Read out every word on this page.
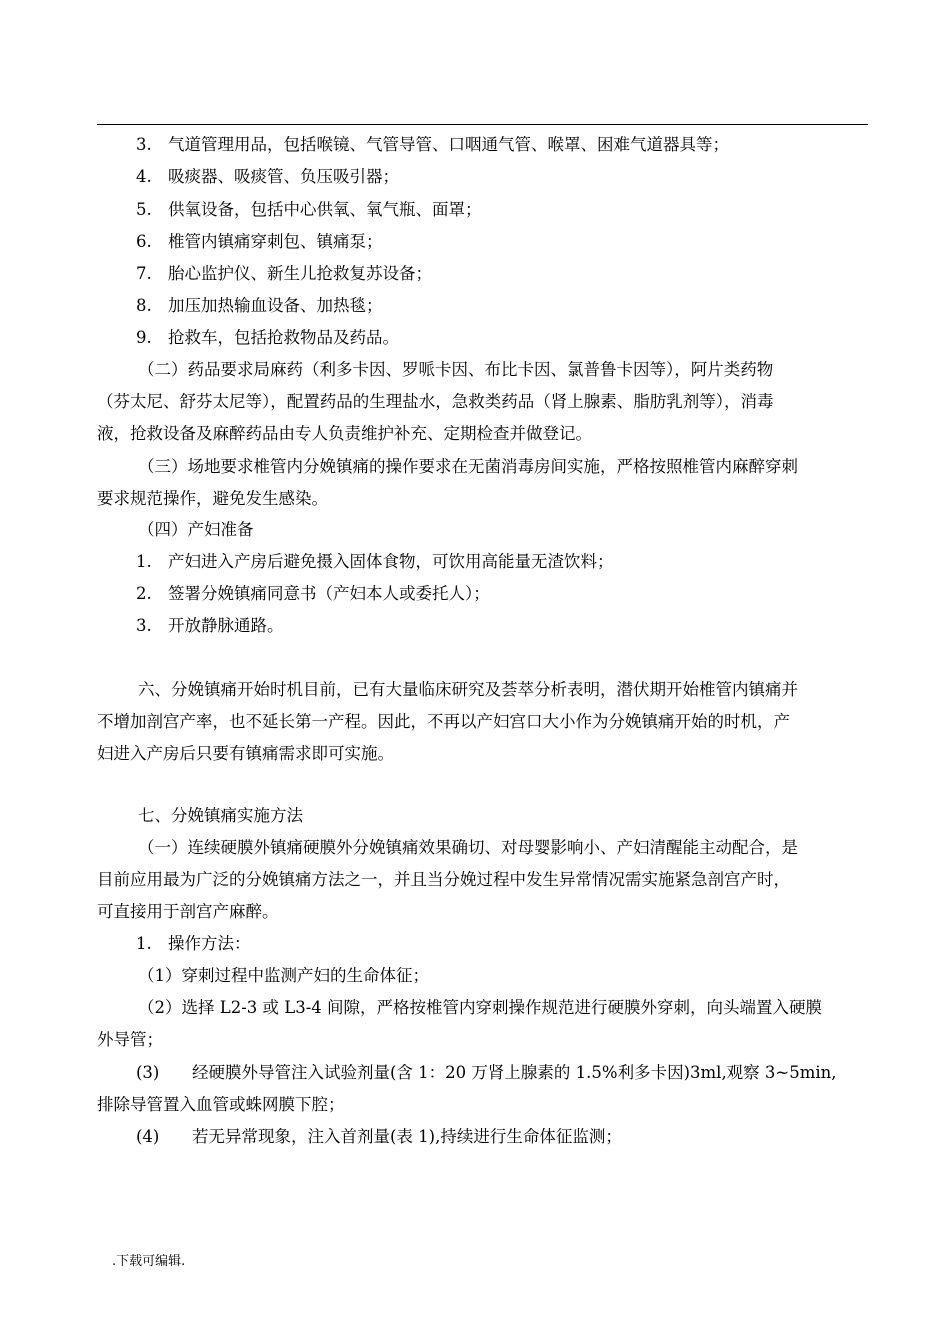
3. 气道管理用品，包括喉镜、气管导管、口咽通气管、喉罩、困难气道器具等；
4. 吸痰器、吸痰管、负压吸引器；
5. 供氧设备，包括中心供氧、氧气瓶、面罩；
6. 椎管内镇痛穿刺包、镇痛泵；
7. 胎心监护仪、新生儿抢救复苏设备；
8. 加压加热输血设备、加热毯；
9. 抢救车，包括抢救物品及药品。
（二）药品要求局麻药（利多卡因、罗哌卡因、布比卡因、氯普鲁卡因等），阿片类药物
（芬太尼、舒芬太尼等），配置药品的生理盐水，急救类药品（肾上腺素、脂肪乳剂等），消毒
液，抢救设备及麻醉药品由专人负责维护补充、定期检查并做登记。
（三）场地要求椎管内分娩镇痛的操作要求在无菌消毒房间实施，严格按照椎管内麻醉穿刺
要求规范操作，避免发生感染。
（四）产妇准备
1. 产妇进入产房后避免摄入固体食物，可饮用高能量无渣饮料；
2. 签署分娩镇痛同意书（产妇本人或委托人）；
3. 开放静脉通路。
六、分娩镇痛开始时机目前，已有大量临床研究及荟萃分析表明，潜伏期开始椎管内镇痛并
不增加剖宫产率，也不延长第一产程。因此，不再以产妇宫口大小作为分娩镇痛开始的时机，产
妇进入产房后只要有镇痛需求即可实施。
七、分娩镇痛实施方法
（一）连续硬膜外镇痛硬膜外分娩镇痛效果确切、对母婴影响小、产妇清醒能主动配合，是
目前应用最为广泛的分娩镇痛方法之一，并且当分娩过程中发生异常情况需实施紧急剖宫产时，
可直接用于剖宫产麻醉。
1. 操作方法：
（1）穿刺过程中监测产妇的生命体征；
（2）选择 L2-3 或 L3-4 间隙，严格按椎管内穿刺操作规范进行硬膜外穿刺，向头端置入硬膜
外导管；
(3) 经硬膜外导管注入试验剂量(含 1：20 万肾上腺素的 1.5%利多卡因)3ml,观察 3~5min,
排除导管置入血管或蛛网膜下腔；
(4) 若无异常现象，注入首剂量(表 1),持续进行生命体征监测；
.下载可编辑.
